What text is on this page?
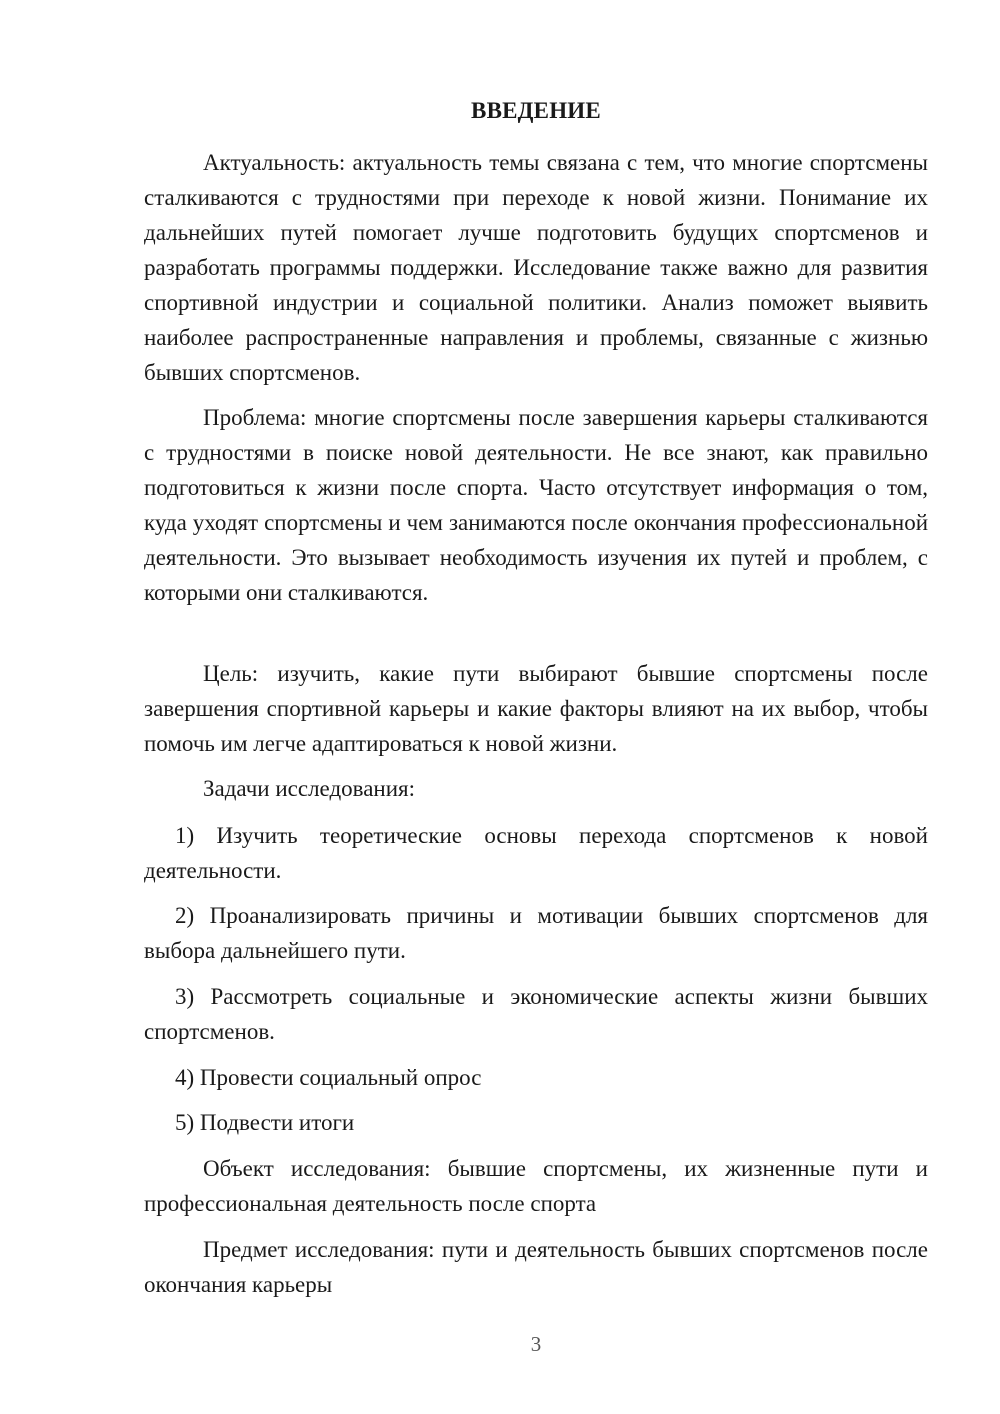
ВВЕДЕНИЕ

Актуальность: актуальность темы связана с тем, что многие спортсмены сталкиваются с трудностями при переходе к новой жизни. Понимание их дальнейших путей помогает лучше подготовить будущих спортсменов и разработать программы поддержки. Исследование также важно для развития спортивной индустрии и социальной политики. Анализ поможет выявить наиболее распространенные направления и проблемы, связанные с жизнью бывших спортсменов.

Проблема: многие спортсмены после завершения карьеры сталкиваются с трудностями в поиске новой деятельности. Не все знают, как правильно подготовиться к жизни после спорта. Часто отсутствует информация о том, куда уходят спортсмены и чем занимаются после окончания профессиональной деятельности. Это вызывает необходимость изучения их путей и проблем, с которыми они сталкиваются.

Цель: изучить, какие пути выбирают бывшие спортсмены после завершения спортивной карьеры и какие факторы влияют на их выбор, чтобы помочь им легче адаптироваться к новой жизни.

Задачи исследования:

1) Изучить теоретические основы перехода спортсменов к новой деятельности.

2) Проанализировать причины и мотивации бывших спортсменов для выбора дальнейшего пути.

3) Рассмотреть социальные и экономические аспекты жизни бывших спортсменов.

4) Провести социальный опрос

5) Подвести итоги

Объект исследования: бывшие спортсмены, их жизненные пути и профессиональная деятельность после спорта

Предмет исследования: пути и деятельность бывших спортсменов после окончания карьеры

3
